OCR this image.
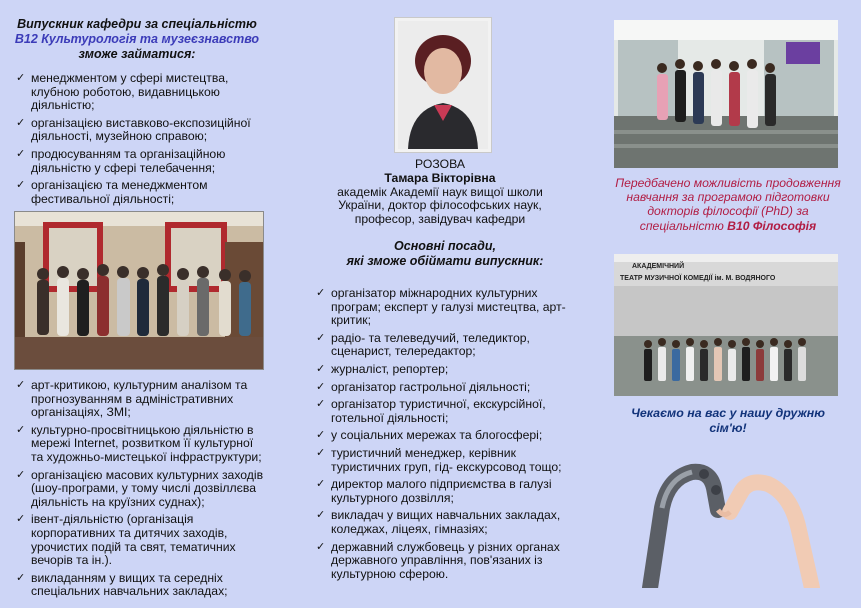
Випускник кафедри за спеціальністю
В12 Культурологія та музеєзнавство
зможе займатися:
✓ менеджментом у сфері мистецтва, клубною роботою, видавницькою діяльністю;
✓ організацією виставково-експозиційної діяльності, музейною справою;
✓ продюсуванням та організаційною діяльністю у сфері телебачення;
✓ організацією та менеджментом фестивальної діяльності;
✓ арт-критикою, культурним аналізом та прогнозуванням в адміністративних організаціях, ЗМІ;
✓ культурно-просвітницькою діяльністю в мережі Internet, розвитком її культурної та художньо-мистецької інфраструктури;
✓ організацією масових культурних заходів (шоу-програми, у тому числі дозвіллєва діяльність на круїзних суднах);
✓ івент-діяльністю (організація корпоративних та дитячих заходів, урочистих подій та свят, тематичних вечорів та ін.).
✓ викладанням у вищих та середніх спеціальних навчальних закладах;
РОЗОВА
Тамара Вікторівна
академік Академії наук вищої школи України, доктор філософських наук, професор, завідувач кафедри
Основні посади,
які зможе обіймати випускник:
✓ організатор міжнародних культурних програм; експерт у галузі мистецтва, арт-критик;
✓ радіо- та телеведучий, теледиктор, сценарист, телередактор;
✓ журналіст, репортер;
✓ організатор гастрольної діяльності;
✓ організатор туристичної, екскурсійної, готельної діяльності;
✓ у соціальних мережах та блогосфері;
✓ туристичний менеджер, керівник туристичних груп, гід- екскурсовод тощо;
✓ директор малого підприємства в галузі культурного дозвілля;
✓ викладач у вищих навчальних закладах, коледжах, ліцеях, гімназіях;
✓ державний службовець у різних органах державного управління, пов'язаних із культурною сферою.
Передбачено можливість продовження навчання за програмою підготовки докторів філософії (PhD) за спеціальністю В10 Філософія
АКАДЕМІЧНИЙ
ТЕАТР МУЗИЧНОЇ КОМЕДІЇ ім. М. ВОДЯНОГО
Чекаємо на вас у нашу дружню сім'ю!
